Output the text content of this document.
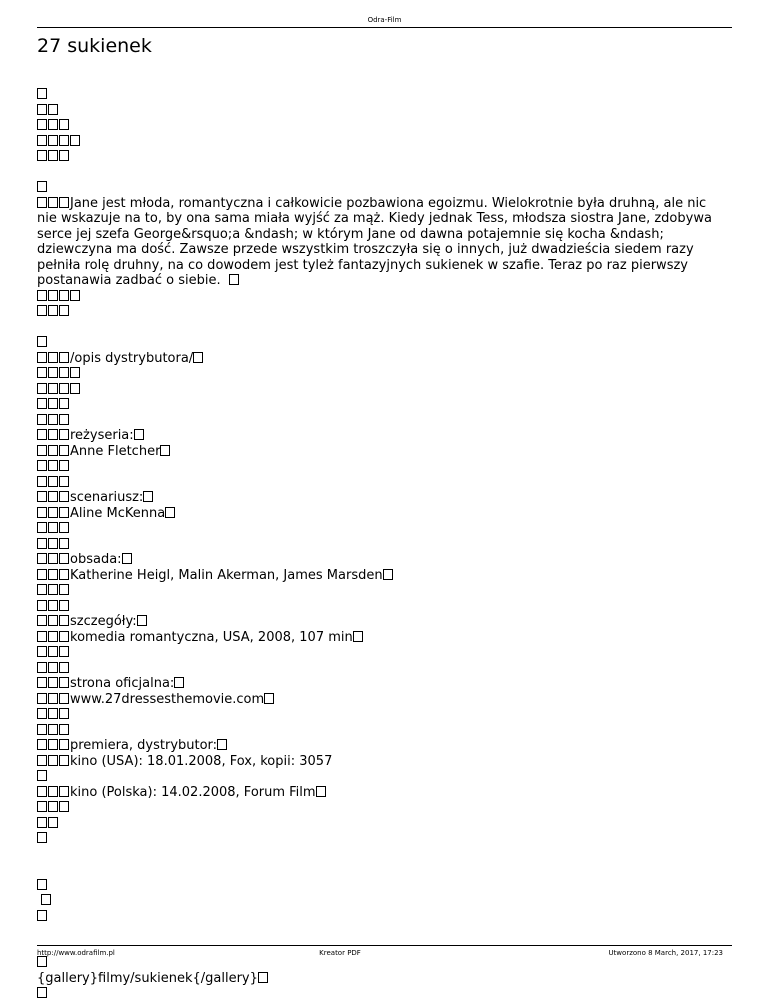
Odra-Film
27 sukienek
Jane jest młoda, romantyczna i całkowicie pozbawiona egoizmu. Wielokrotnie była druhną, ale nic nie wskazuje na to, by ona sama miała wyjść za mąż. Kiedy jednak Tess, młodsza siostra Jane, zdobywa serce jej szefa George&rsquo;a &ndash; w którym Jane od dawna potajemnie się kocha &ndash; dziewczyna ma dość. Zawsze przede wszystkim troszczyła się o innych, już dwadzieścia siedem razy pełniła rolę druhny, na co dowodem jest tyleż fantazyjnych sukienek w szafie. Teraz po raz pierwszy postanawia zadbać o siebie.
/opis dystrybutora/
reżyseria:
Anne Fletcher
scenariusz:
Aline McKenna
obsada:
Katherine Heigl, Malin Akerman, James Marsden
szczegóły:
komedia romantyczna, USA, 2008, 107 min
strona oficjalna:
www.27dressesthemovie.com
premiera, dystrybutor:
kino (USA): 18.01.2008, Fox, kopii: 3057
kino (Polska): 14.02.2008, Forum Film

{gallery}filmy/sukienek{/gallery}
http://www.odrafilm.pl	Kreator PDF	Utworzono 8 March, 2017, 17:23
